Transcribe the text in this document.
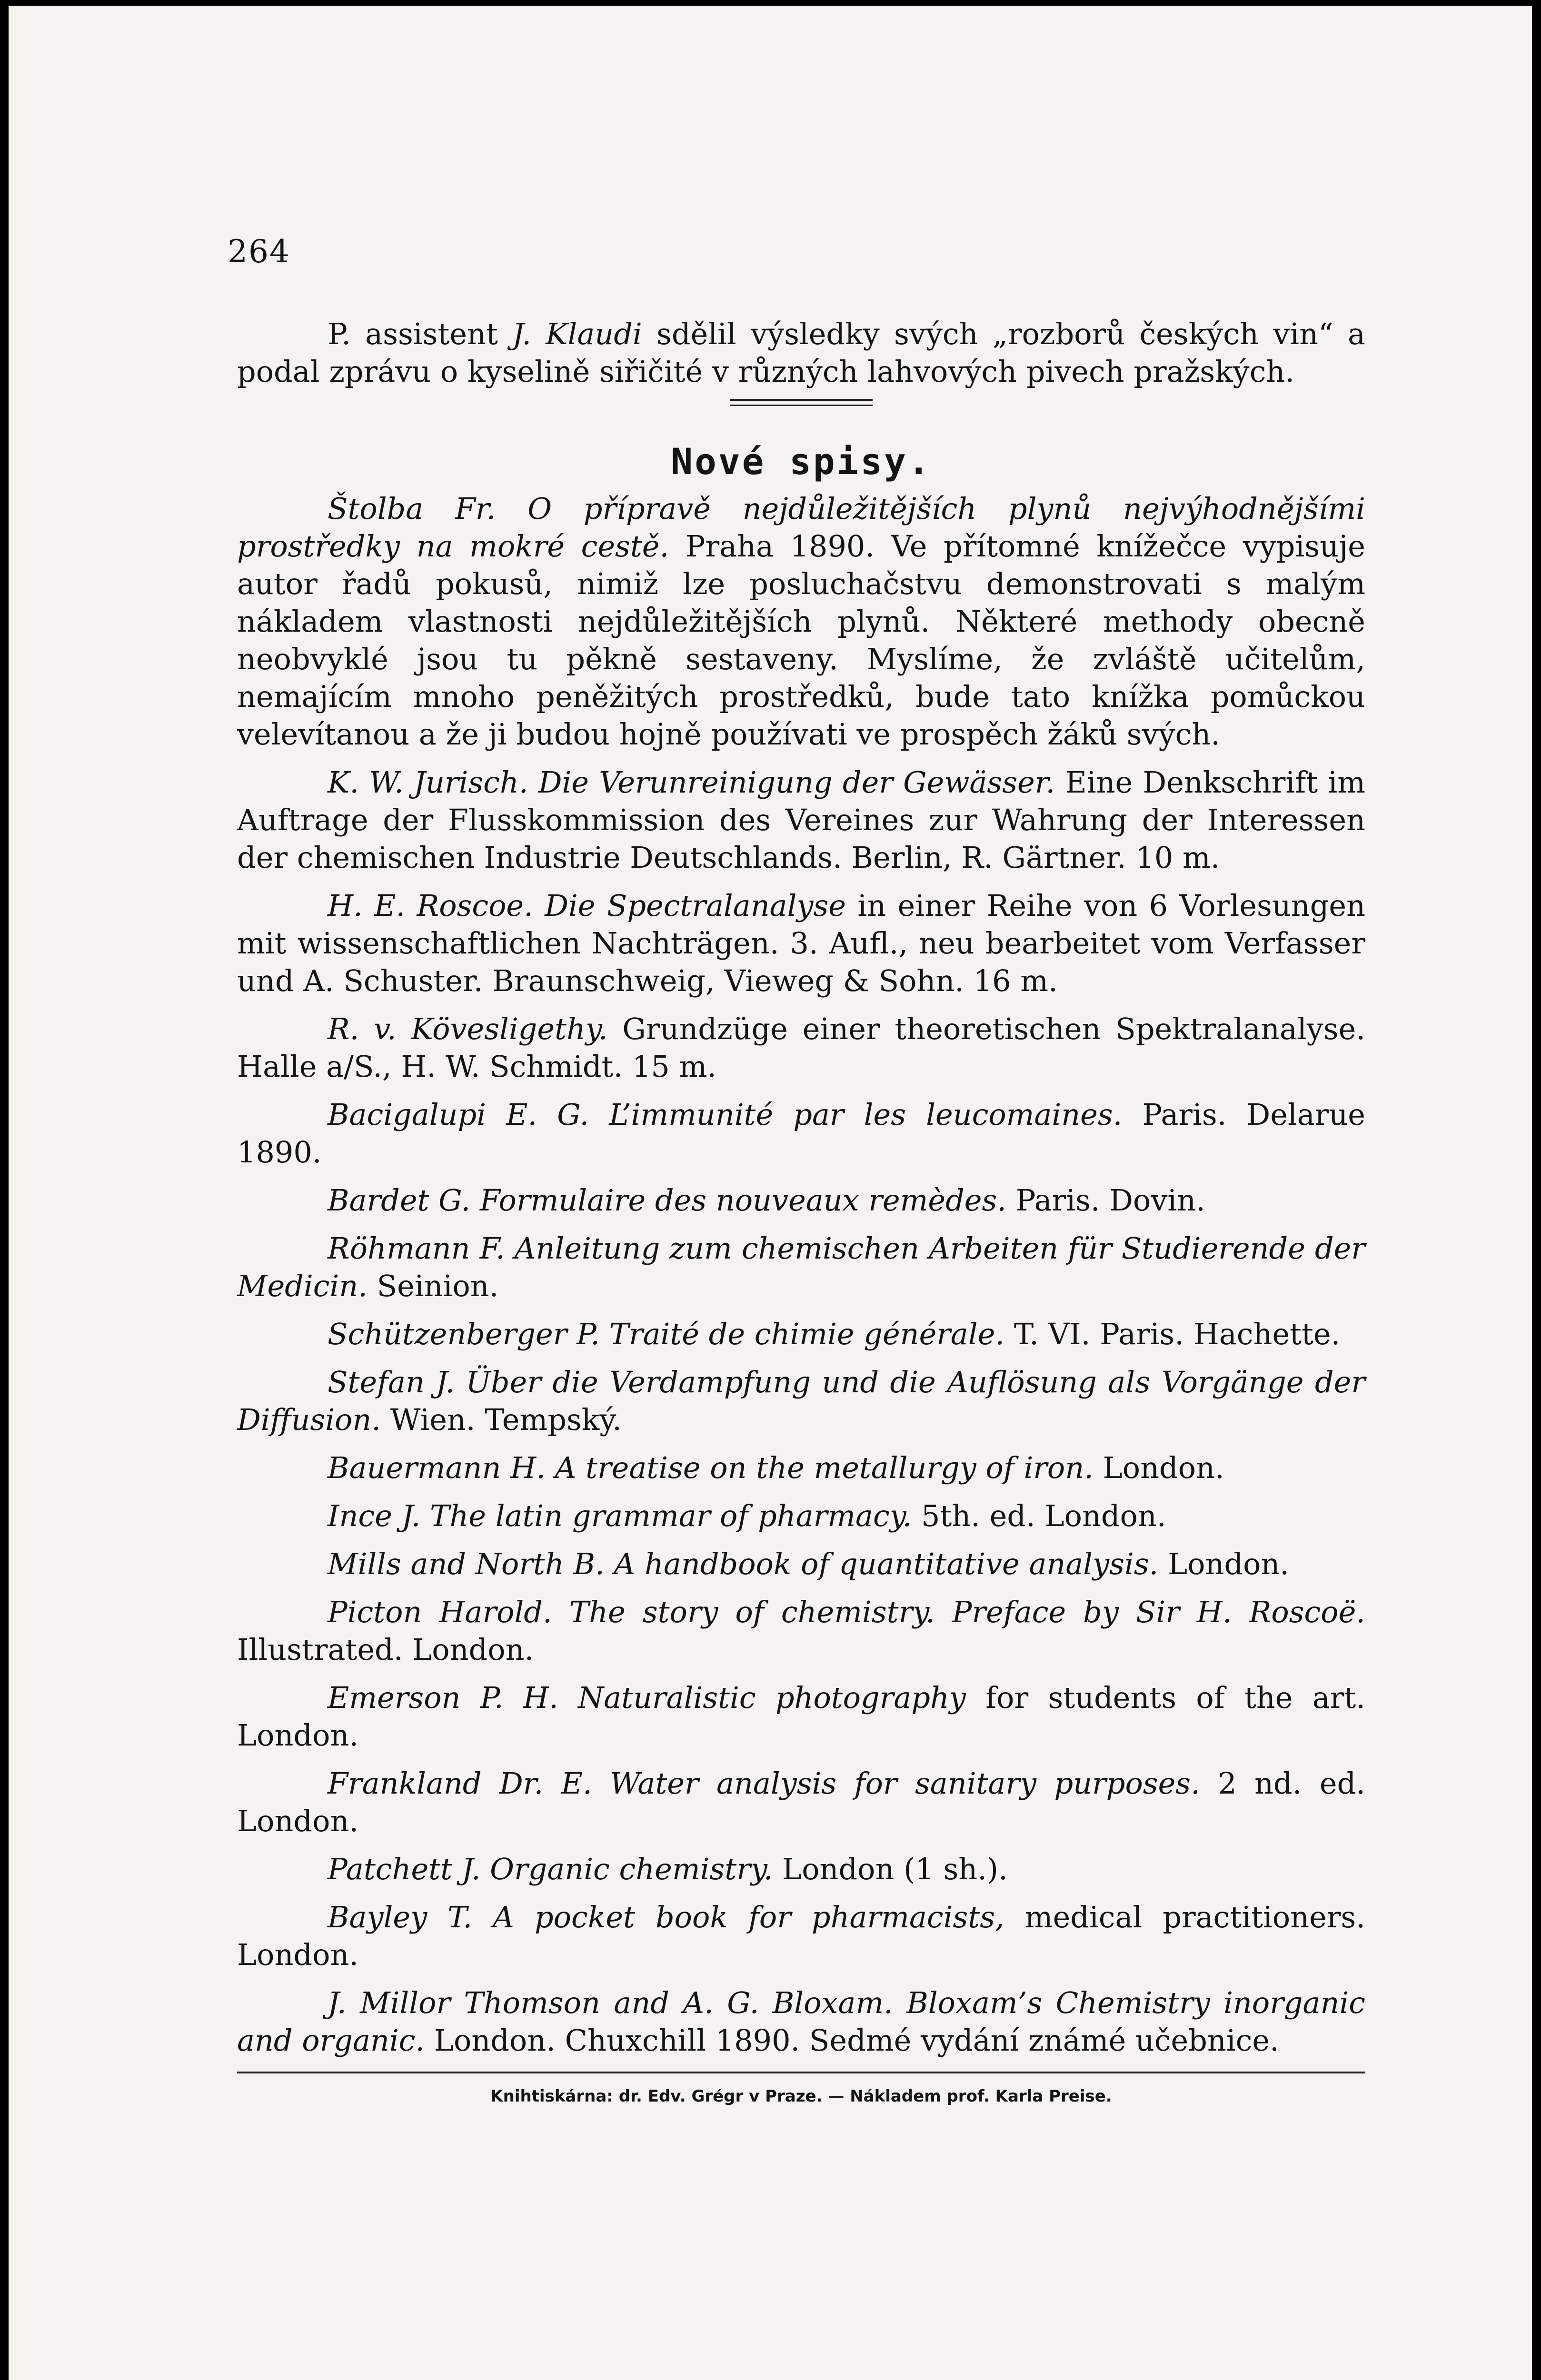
264

P. assistent J. Klaudi sdělil výsledky svých „rozborů českých vin“ a podal zprávu o kyselině siřičité v různých lahvových pivech pražských.

Nové spisy.

Štolba Fr. O přípravě nejdůležitějších plynů nejvýhodnějšími prostředky na mokré cestě. Praha 1890. Ve přítomné knížečce vypisuje autor řadů pokusů, nimiž lze posluchačstvu demonstrovati s malým nákladem vlastnosti nejdůležitějších plynů. Některé methody obecně neobvyklé jsou tu pěkně sestaveny. Myslíme, že zvláště učitelům, nemajícím mnoho peněžitých prostředků, bude tato knížka pomůckou velevítanou a že ji budou hojně používati ve prospěch žáků svých.

K. W. Jurisch. Die Verunreinigung der Gewässer. Eine Denkschrift im Auftrage der Flusskommission des Vereines zur Wahrung der Interessen der chemischen Industrie Deutschlands. Berlin, R. Gärtner. 10 m.

H. E. Roscoe. Die Spectralanalyse in einer Reihe von 6 Vorlesungen mit wissenschaftlichen Nachträgen. 3. Aufl., neu bearbeitet vom Verfasser und A. Schuster. Braunschweig, Vieweg & Sohn. 16 m.

R. v. Kövesligethy. Grundzüge einer theoretischen Spektralanalyse. Halle a/S., H. W. Schmidt. 15 m.

Bacigalupi E. G. L’immunité par les leucomaines. Paris. Delarue 1890.

Bardet G. Formulaire des nouveaux remèdes. Paris. Dovin.

Röhmann F. Anleitung zum chemischen Arbeiten für Studierende der Medicin. Seinion.

Schützenberger P. Traité de chimie générale. T. VI. Paris. Hachette.

Stefan J. Über die Verdampfung und die Auflösung als Vorgänge der Diffusion. Wien. Tempský.

Bauermann H. A treatise on the metallurgy of iron. London.

Ince J. The latin grammar of pharmacy. 5th. ed. London.

Mills and North B. A handbook of quantitative analysis. London.

Picton Harold. The story of chemistry. Preface by Sir H. Roscoë. Illustrated. London.

Emerson P. H. Naturalistic photography for students of the art. London.

Frankland Dr. E. Water analysis for sanitary purposes. 2 nd. ed. London.

Patchett J. Organic chemistry. London (1 sh.).

Bayley T. A pocket book for pharmacists, medical practitioners. London.

J. Millor Thomson and A. G. Bloxam. Bloxam’s Chemistry inorganic and organic. London. Chuxchill 1890. Sedmé vydání známé učebnice.

Knihtiskárna: dr. Edv. Grégr v Praze. — Nákladem prof. Karla Preise.
